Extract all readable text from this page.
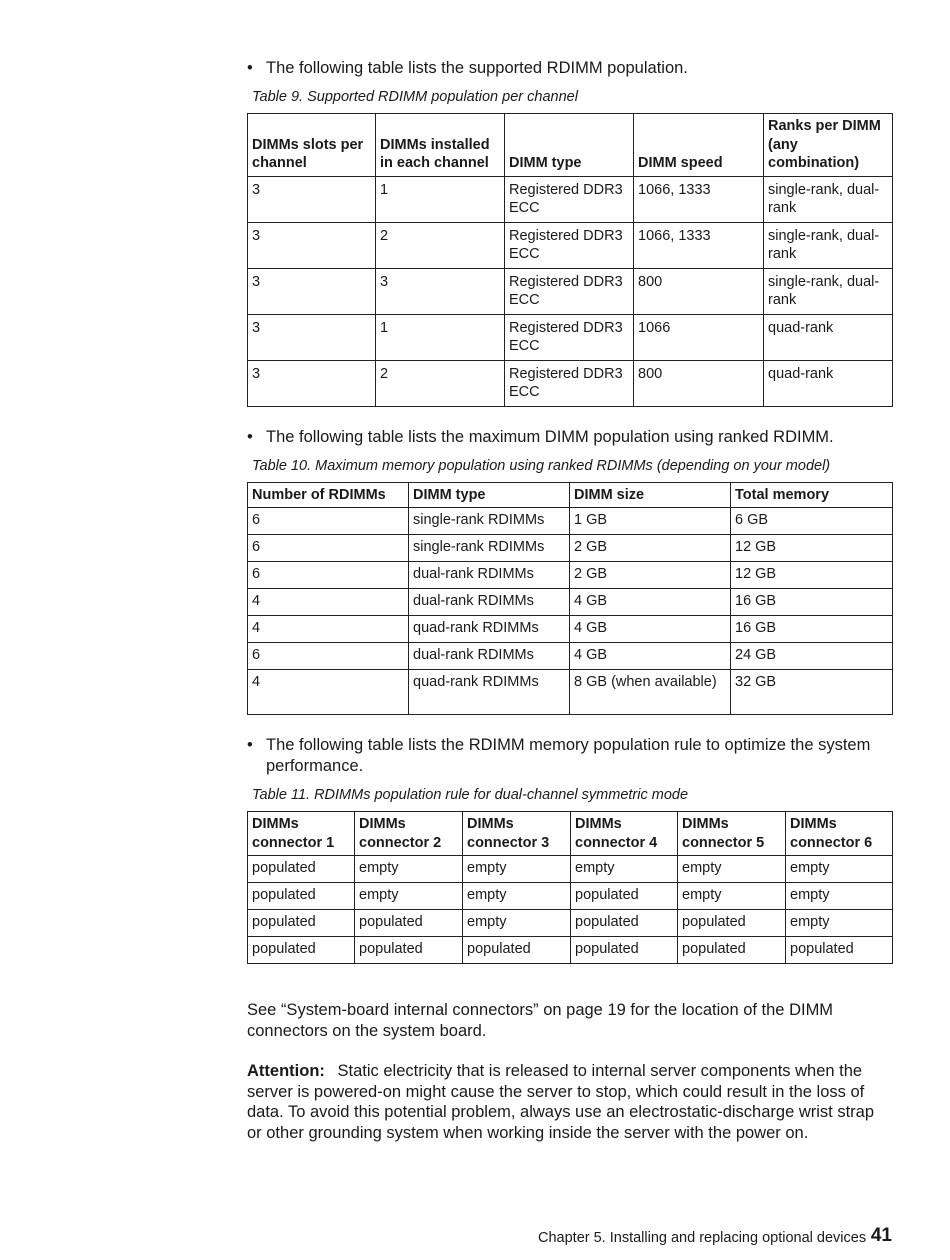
• The following table lists the supported RDIMM population.
Table 9. Supported RDIMM population per channel
DIMMs slots per channel	DIMMs installed in each channel	DIMM type	DIMM speed	Ranks per DIMM (any combination)
3	1	Registered DDR3 ECC	1066, 1333	single-rank, dual-rank
3	2	Registered DDR3 ECC	1066, 1333	single-rank, dual-rank
3	3	Registered DDR3 ECC	800	single-rank, dual-rank
3	1	Registered DDR3 ECC	1066	quad-rank
3	2	Registered DDR3 ECC	800	quad-rank
• The following table lists the maximum DIMM population using ranked RDIMM.
Table 10. Maximum memory population using ranked RDIMMs (depending on your model)
Number of RDIMMs	DIMM type	DIMM size	Total memory
6	single-rank RDIMMs	1 GB	6 GB
6	single-rank RDIMMs	2 GB	12 GB
6	dual-rank RDIMMs	2 GB	12 GB
4	dual-rank RDIMMs	4 GB	16 GB
4	quad-rank RDIMMs	4 GB	16 GB
6	dual-rank RDIMMs	4 GB	24 GB
4	quad-rank RDIMMs	8 GB (when available)	32 GB
• The following table lists the RDIMM memory population rule to optimize the system performance.
Table 11. RDIMMs population rule for dual-channel symmetric mode
DIMMs connector 1	DIMMs connector 2	DIMMs connector 3	DIMMs connector 4	DIMMs connector 5	DIMMs connector 6
populated	empty	empty	empty	empty	empty
populated	empty	empty	populated	empty	empty
populated	populated	empty	populated	populated	empty
populated	populated	populated	populated	populated	populated
See “System-board internal connectors” on page 19 for the location of the DIMM connectors on the system board.
Attention: Static electricity that is released to internal server components when the server is powered-on might cause the server to stop, which could result in the loss of data. To avoid this potential problem, always use an electrostatic-discharge wrist strap or other grounding system when working inside the server with the power on.
Chapter 5. Installing and replacing optional devices 41
